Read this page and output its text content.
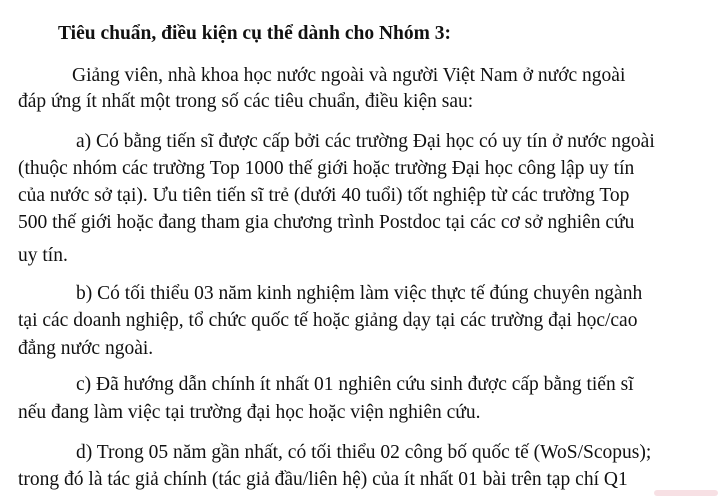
Tiêu chuẩn, điều kiện cụ thể dành cho Nhóm 3:
Giảng viên, nhà khoa học nước ngoài và người Việt Nam ở nước ngoài
đáp ứng ít nhất một trong số các tiêu chuẩn, điều kiện sau:
a) Có bằng tiến sĩ được cấp bởi các trường Đại học có uy tín ở nước ngoài
(thuộc nhóm các trường Top 1000 thế giới hoặc trường Đại học công lập uy tín
của nước sở tại). Ưu tiên tiến sĩ trẻ (dưới 40 tuổi) tốt nghiệp từ các trường Top
500 thế giới hoặc đang tham gia chương trình Postdoc tại các cơ sở nghiên cứu
uy tín.
b) Có tối thiểu 03 năm kinh nghiệm làm việc thực tế đúng chuyên ngành
tại các doanh nghiệp, tổ chức quốc tế hoặc giảng dạy tại các trường đại học/cao
đẳng nước ngoài.
c) Đã hướng dẫn chính ít nhất 01 nghiên cứu sinh được cấp bằng tiến sĩ
nếu đang làm việc tại trường đại học hoặc viện nghiên cứu.
d) Trong 05 năm gần nhất, có tối thiểu 02 công bố quốc tế (WoS/Scopus);
trong đó là tác giả chính (tác giả đầu/liên hệ) của ít nhất 01 bài trên tạp chí Q1
